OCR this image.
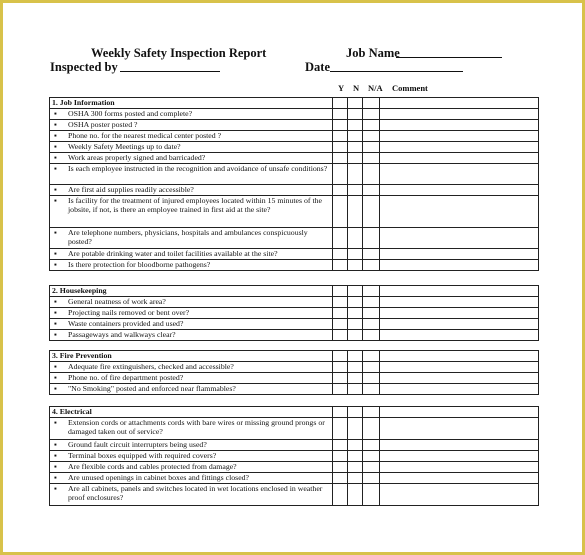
Weekly Safety Inspection Report	Job Name
Inspected by	Date
Y N N/A Comment
1. Job Information				
▪ OSHA 300 forms posted and complete?				
▪ OSHA poster posted ?				
▪ Phone no. for the nearest medical center posted ?				
▪ Weekly Safety Meetings up to date?				
▪ Work areas properly signed and barricaded?				
▪ Is each employee instructed in the recognition and avoidance of unsafe conditions?				
▪ Are first aid supplies readily accessible?				
▪ Is facility for the treatment of injured employees located within 15 minutes of the jobsite, if not, is there an employee trained in first aid at the site?				
▪ Are telephone numbers, physicians, hospitals and ambulances conspicuously posted?				
▪ Are potable drinking water and toilet facilities available at the site?				
▪ Is there protection for bloodborne pathogens?				
2. Housekeeping				
▪ General neatness of work area?				
▪ Projecting nails removed or bent over?				
▪ Waste containers provided and used?				
▪ Passageways and walkways clear?				
3. Fire Prevention				
▪ Adequate fire extinguishers, checked and accessible?				
▪ Phone no. of fire department posted?				
▪ "No Smoking" posted and enforced near flammables?				
4. Electrical				
▪ Extension cords or attachments cords with bare wires or missing ground prongs or damaged taken out of service?				
▪ Ground fault circuit interrupters being used?				
▪ Terminal boxes equipped with required covers?				
▪ Are flexible cords and cables protected from damage?				
▪ Are unused openings in cabinet boxes and fittings closed?				
▪ Are all cabinets, panels and switches located in wet locations enclosed in weather proof enclosures?				
